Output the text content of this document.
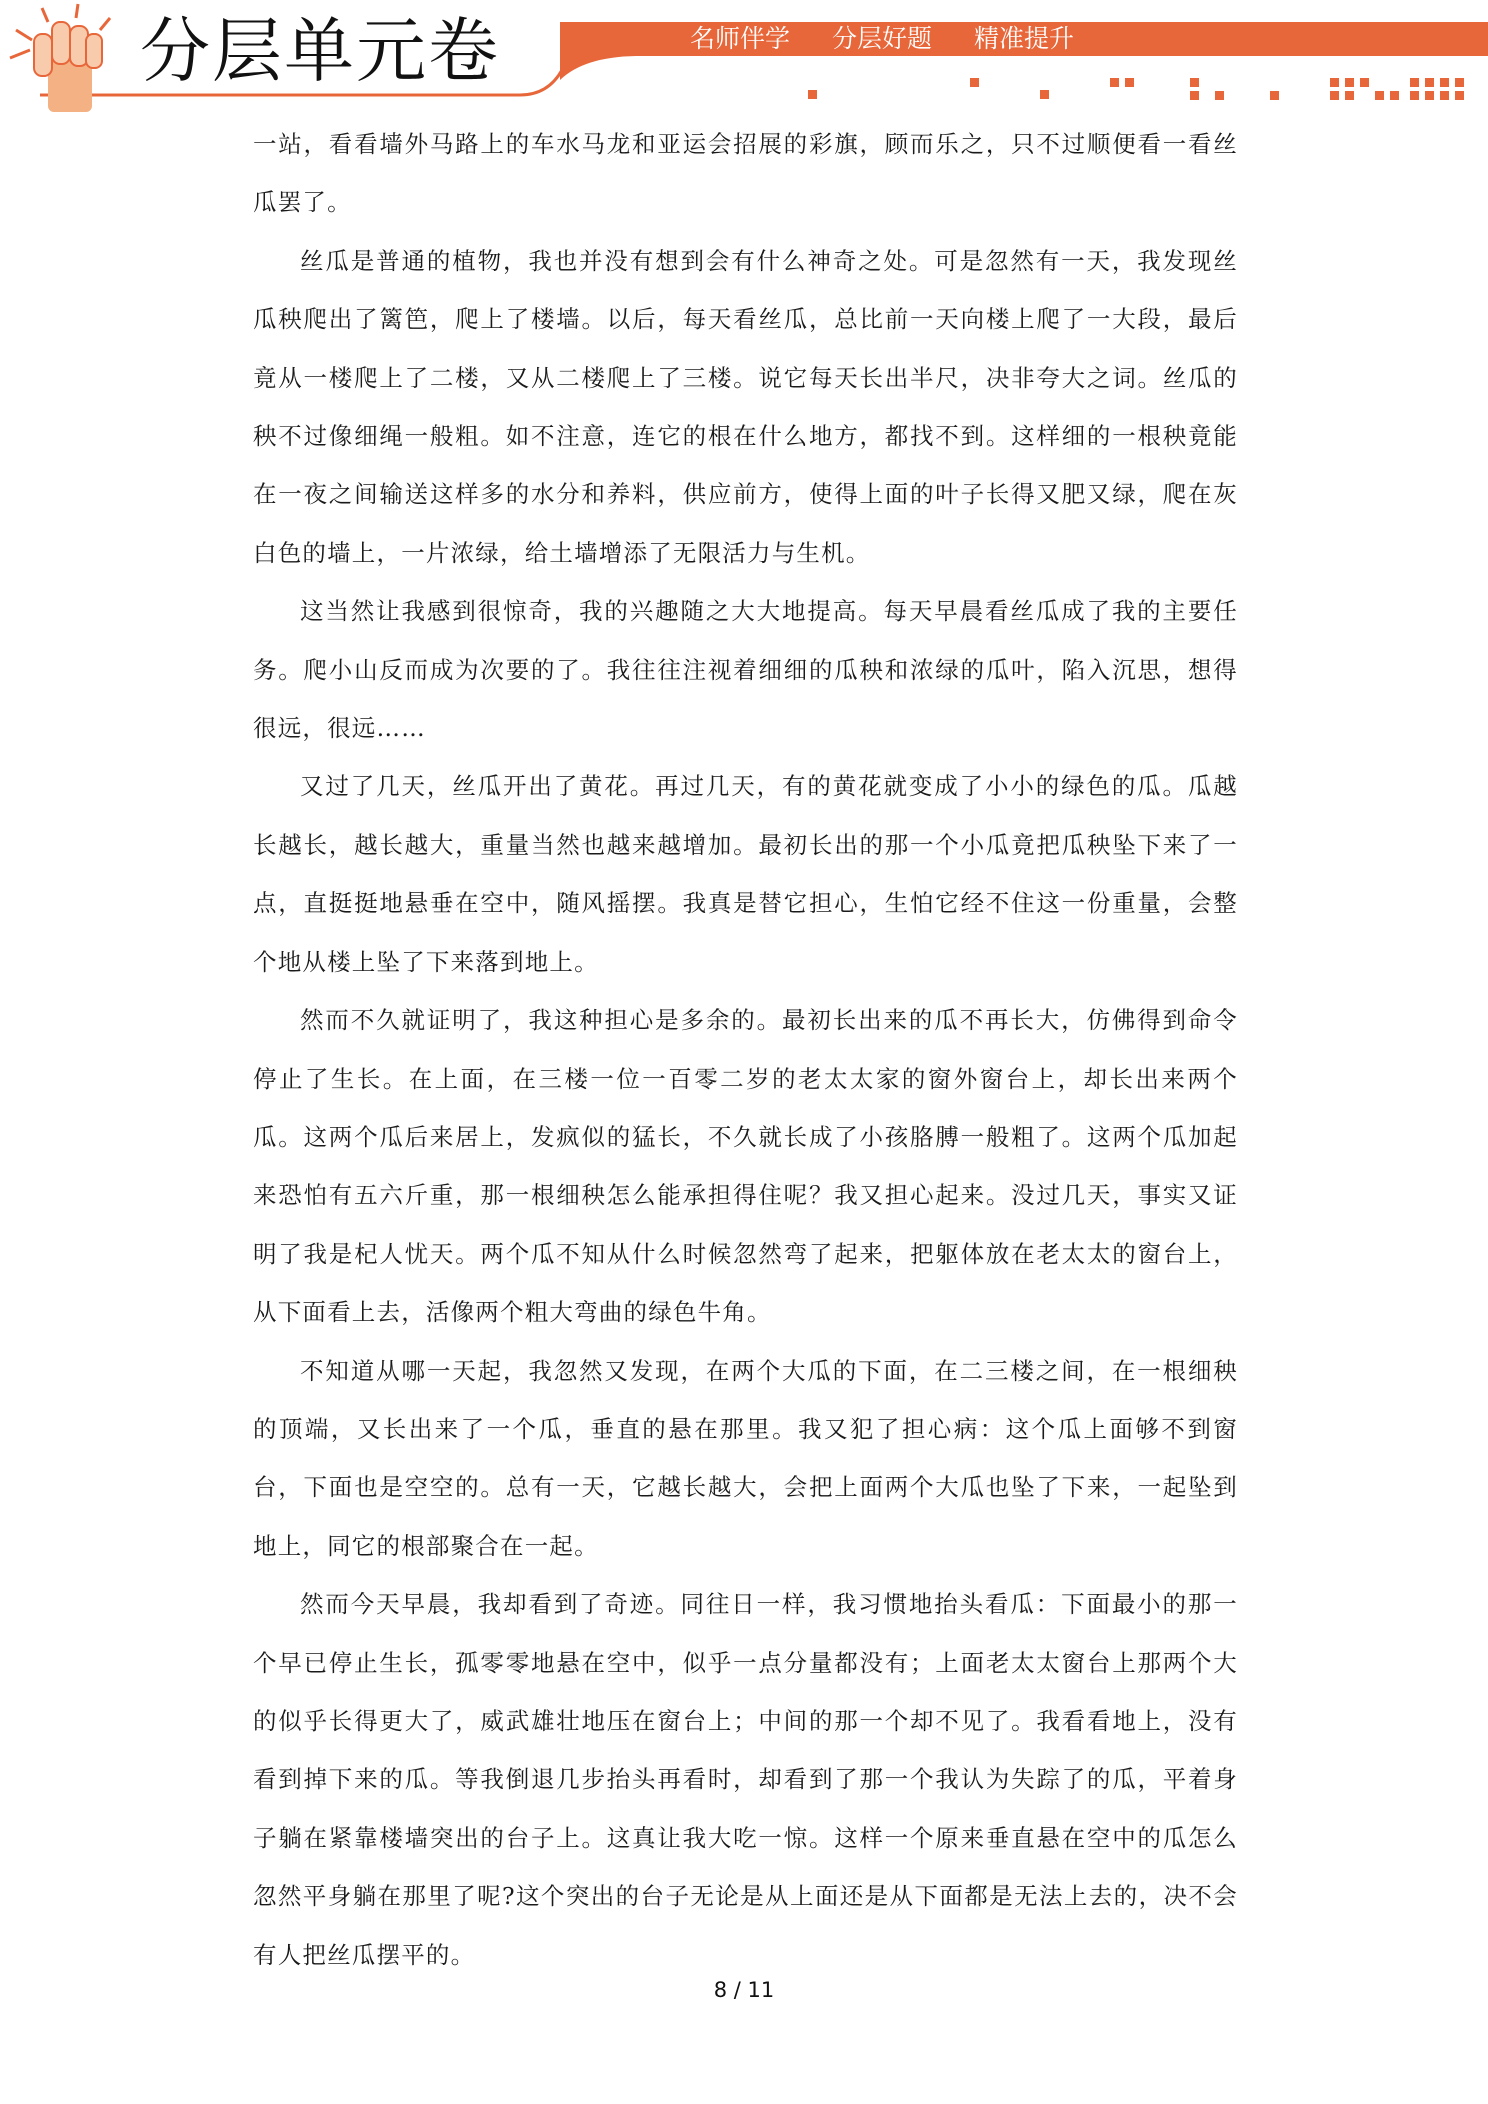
分层单元卷	名师伴学 分层好题 精准提升

一站，看看墙外马路上的车水马龙和亚运会招展的彩旗，顾而乐之，只不过顺便看一看丝瓜罢了。

丝瓜是普通的植物，我也并没有想到会有什么神奇之处。可是忽然有一天，我发现丝瓜秧爬出了篱笆，爬上了楼墙。以后，每天看丝瓜，总比前一天向楼上爬了一大段，最后竟从一楼爬上了二楼，又从二楼爬上了三楼。说它每天长出半尺，决非夸大之词。丝瓜的秧不过像细绳一般粗。如不注意，连它的根在什么地方，都找不到。这样细的一根秧竟能在一夜之间输送这样多的水分和养料，供应前方，使得上面的叶子长得又肥又绿，爬在灰白色的墙上，一片浓绿，给土墙增添了无限活力与生机。

这当然让我感到很惊奇，我的兴趣随之大大地提高。每天早晨看丝瓜成了我的主要任务。爬小山反而成为次要的了。我往往注视着细细的瓜秧和浓绿的瓜叶，陷入沉思，想得很远，很远……

又过了几天，丝瓜开出了黄花。再过几天，有的黄花就变成了小小的绿色的瓜。瓜越长越长，越长越大，重量当然也越来越增加。最初长出的那一个小瓜竟把瓜秧坠下来了一点，直挺挺地悬垂在空中，随风摇摆。我真是替它担心，生怕它经不住这一份重量，会整个地从楼上坠了下来落到地上。

然而不久就证明了，我这种担心是多余的。最初长出来的瓜不再长大，仿佛得到命令停止了生长。在上面，在三楼一位一百零二岁的老太太家的窗外窗台上，却长出来两个瓜。这两个瓜后来居上，发疯似的猛长，不久就长成了小孩胳膊一般粗了。这两个瓜加起来恐怕有五六斤重，那一根细秧怎么能承担得住呢？我又担心起来。没过几天，事实又证明了我是杞人忧天。两个瓜不知从什么时候忽然弯了起来，把躯体放在老太太的窗台上，从下面看上去，活像两个粗大弯曲的绿色牛角。

不知道从哪一天起，我忽然又发现，在两个大瓜的下面，在二三楼之间，在一根细秧的顶端，又长出来了一个瓜，垂直的悬在那里。我又犯了担心病：这个瓜上面够不到窗台，下面也是空空的。总有一天，它越长越大，会把上面两个大瓜也坠了下来，一起坠到地上，同它的根部聚合在一起。

然而今天早晨，我却看到了奇迹。同往日一样，我习惯地抬头看瓜：下面最小的那一个早已停止生长，孤零零地悬在空中，似乎一点分量都没有；上面老太太窗台上那两个大的似乎长得更大了，威武雄壮地压在窗台上；中间的那一个却不见了。我看看地上，没有看到掉下来的瓜。等我倒退几步抬头再看时，却看到了那一个我认为失踪了的瓜，平着身子躺在紧靠楼墙突出的台子上。这真让我大吃一惊。这样一个原来垂直悬在空中的瓜怎么忽然平身躺在那里了呢?这个突出的台子无论是从上面还是从下面都是无法上去的，决不会有人把丝瓜摆平的。

8 / 11
